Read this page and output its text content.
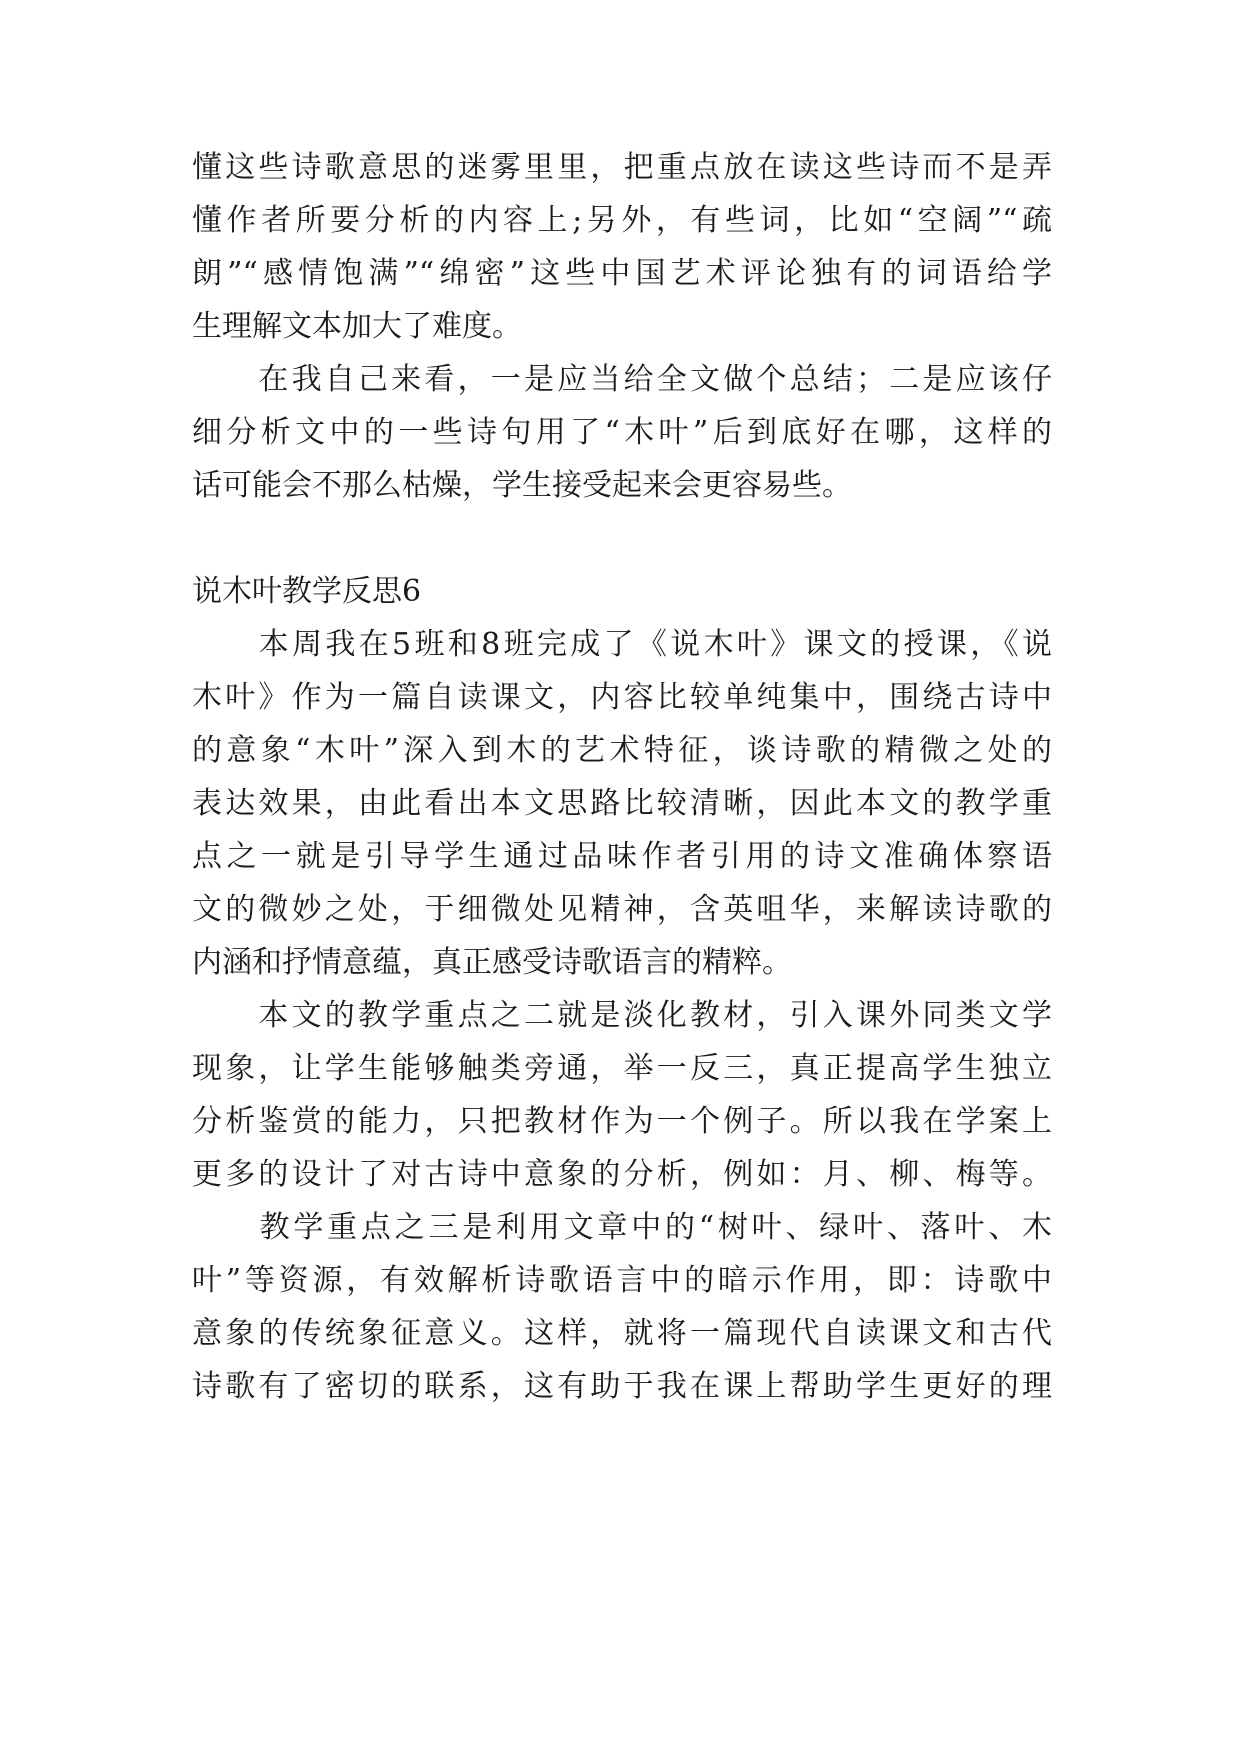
懂这些诗歌意思的迷雾里里，把重点放在读这些诗而不是弄
懂作者所要分析的内容上;另外，有些词，比如“空阔”“疏
朗”“感情饱满”“绵密”这些中国艺术评论独有的词语给学
生理解文本加大了难度。
　　在我自己来看，一是应当给全文做个总结；二是应该仔
细分析文中的一些诗句用了“木叶”后到底好在哪，这样的
话可能会不那么枯燥，学生接受起来会更容易些。
说木叶教学反思6
　　本周我在5班和8班完成了《说木叶》课文的授课，《说
木叶》作为一篇自读课文，内容比较单纯集中，围绕古诗中
的意象“木叶”深入到木的艺术特征，谈诗歌的精微之处的
表达效果，由此看出本文思路比较清晰，因此本文的教学重
点之一就是引导学生通过品味作者引用的诗文准确体察语
文的微妙之处，于细微处见精神，含英咀华，来解读诗歌的
内涵和抒情意蕴，真正感受诗歌语言的精粹。
　　本文的教学重点之二就是淡化教材，引入课外同类文学
现象，让学生能够触类旁通，举一反三，真正提高学生独立
分析鉴赏的能力，只把教材作为一个例子。所以我在学案上
更多的设计了对古诗中意象的分析，例如：月、柳、梅等。
　　教学重点之三是利用文章中的“树叶、绿叶、落叶、木
叶”等资源，有效解析诗歌语言中的暗示作用，即：诗歌中
意象的传统象征意义。这样，就将一篇现代自读课文和古代
诗歌有了密切的联系，这有助于我在课上帮助学生更好的理
